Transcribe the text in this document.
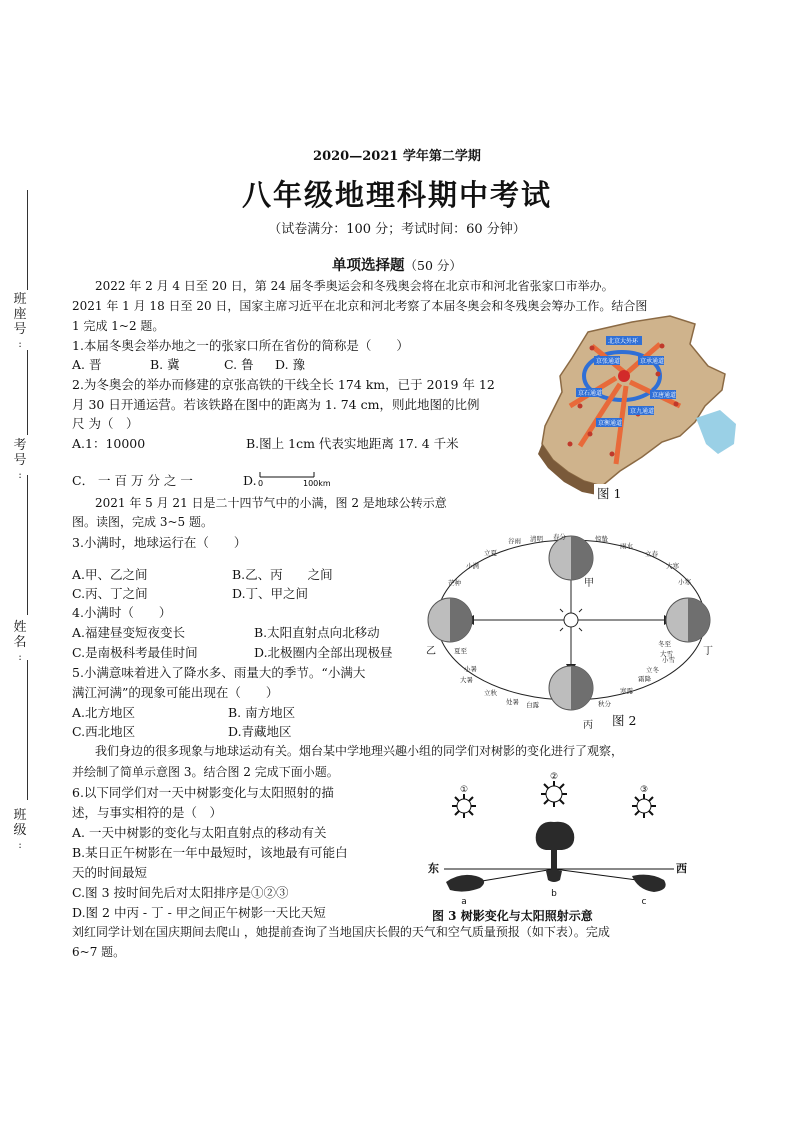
班座号
:
考号
:
姓名
:
班级
:
2020—2021 学年第二学期
八年级地理科期中考试
（试卷满分：100 分；考试时间：60 分钟）
单项选择题（50 分）
2022 年 2 月 4 日至 20 日，第 24 届冬季奥运会和冬残奥会将在北京市和河北省张家口市举办。
2021 年 1 月 18 日至 20 日，国家主席习近平在北京和河北考察了本届冬奥会和冬残奥会筹办工作。结合图
1 完成 1~2 题。
1.本届冬奥会举办地之一的张家口所在省份的简称是（　　）
A. 晋	B. 冀	C. 鲁 D. 豫
2.为冬奥会的举办而修建的京张高铁的干线全长 174 km，已于 2019 年 12
月 30 日开通运营。若该铁路在图中的距离为 1. 74 cm，则此地图的比例
尺 为（　）
A.1：10000	B.图上 1cm 代表实地距离 17. 4 千米
C． 一 百 万 分 之 一	D. 0	100km
北京大外环
京张通道	京承通道
京唐通道
京石通道
京衡通道
京九通道
图 1
2021 年 5 月 21 日是二十四节气中的小满，图 2 是地球公转示意
图。读图，完成 3~5 题。
3.小满时，地球运行在（　　）
A.甲、乙之间	B.乙、丙　　之间
C.丙、丁之间	D.丁、甲之间
4.小满时（　　）
A.福建昼变短夜变长	B.太阳直射点向北移动
C.是南极科考最佳时间	D.北极圈内全部出现极昼
5.小满意味着进入了降水多、雨量大的季节。“小满大
满江河满”的现象可能出现在（　　）
A.北方地区	B. 南方地区
C.西北地区	D.青藏地区
甲
乙
丙
丁
谷雨 清明 春分	惊蛰
雨水
立春
大寒
小寒
立夏
小满
芒种
夏至
小暑
大暑
立秋
处暑 白露	秋分
寒露
霜降
立冬
小雪
大雪
冬至
图 2
我们身边的很多现象与地球运动有关。烟台某中学地理兴趣小组的同学们对树影的变化进行了观察，
并绘制了简单示意图 3。结合图 2 完成下面小题。
6.以下同学们对一天中树影变化与太阳照射的描
述，与事实相符的是（　）
A. 一天中树影的变化与太阳直射点的移动有关
B.某日正午树影在一年中最短时，该地最有可能白
天的时间最短
C.图 3 按时间先后对太阳排序是①②③
D.图 2 中丙 - 丁 - 甲之间正午树影一天比天短
①
②
③
东	西
a
b
c
图 3 树影变化与太阳照射示意
刘红同学计划在国庆期间去爬山 ，她提前查询了当地国庆长假的天气和空气质量预报（如下表）。完成
6~7 题。
